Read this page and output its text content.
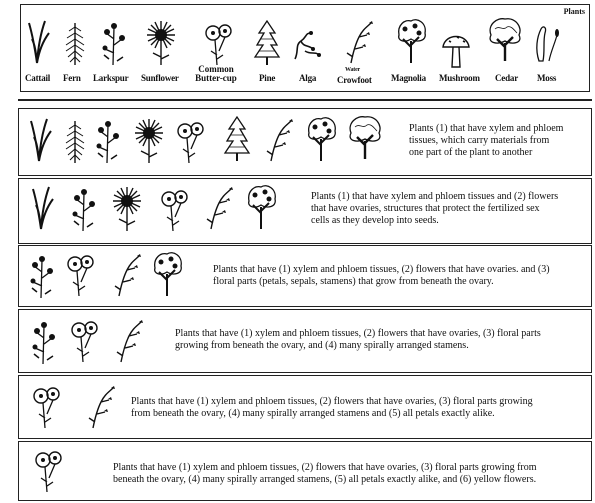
Plants
Cattail Fern Larkspur Sunflower
Common
Butter-cup	Pine	Alga
Water
Crowfoot Magnolia Mushroom Cedar Moss
Plants (1) that have xylem and phloem
tissues, which carry materials from
one part of the plant to another
Plants (1) that have xylem and phloem tissues and (2) flowers
that have ovaries, structures that protect the fertilized sex
cells as they develop into seeds.
Plants that have (1) xylem and phloem tissues, (2) flowers that have ovaries. and (3)
floral parts (petals, sepals, stamens) that grow from beneath the ovary.
Plants that have (1) xylem and phloem tissues, (2) flowers that have ovaries, (3) floral parts
growing from beneath the ovary, and (4) many spirally arranged stamens.
Plants that have (1) xylem and phloem tissues, (2) flowers that have ovaries, (3) floral parts growing
from beneath the ovary, (4) many spirally arranged stamens and (5) all petals exactly alike.
Plants that have (1) xylem and phloem tissues, (2) flowers that have ovaries, (3) floral parts growing from
beneath the ovary, (4) many spirally arranged stamens, (5) all petals exactly alike, and (6) yellow flowers.
